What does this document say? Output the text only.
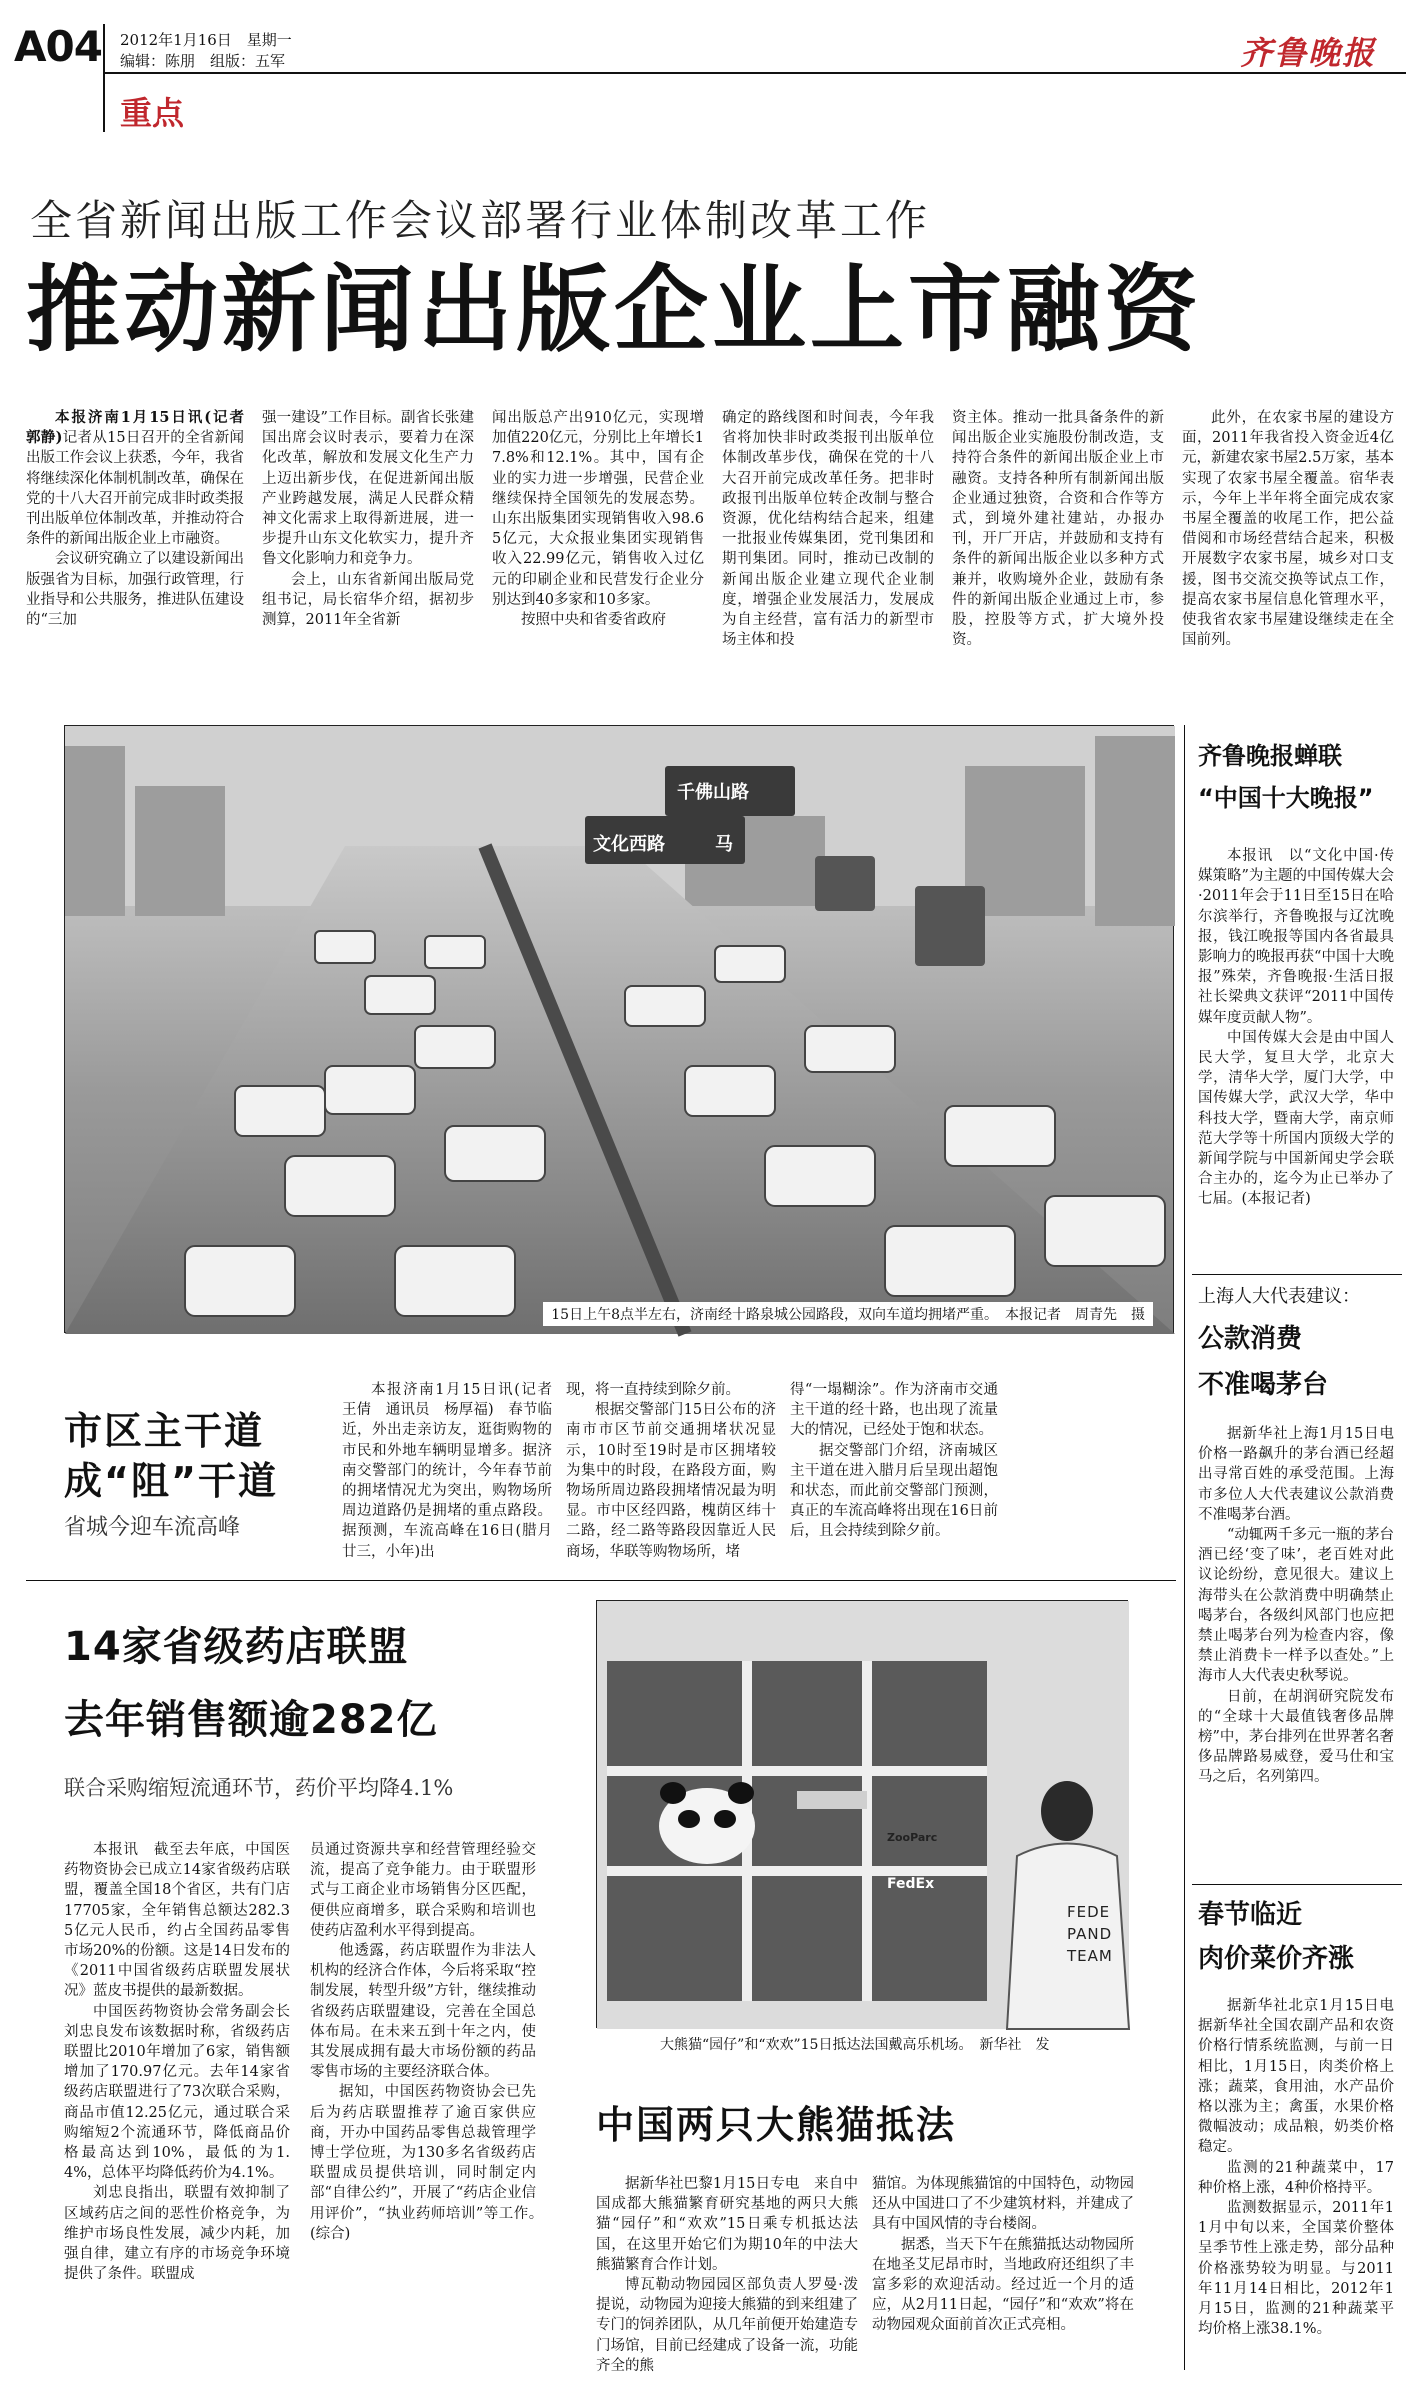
A04 2012年1月16日　星期一
编辑：陈朋　组版：五军
重点
齐鲁晚报
全省新闻出版工作会议部署行业体制改革工作
推动新闻出版企业上市融资

本报济南1月15日讯(记者　郭静)记者从15日召开的全省新闻出版工作会议上获悉，今年，我省将继续深化体制机制改革，确保在党的十八大召开前完成非时政类报刊出版单位体制改革，并推动符合条件的新闻出版企业上市融资。

会议研究确立了以建设新闻出版强省为目标，加强行政管理，行业指导和公共服务，推进队伍建设的“三加

强一建设”工作目标。副省长张建国出席会议时表示，要着力在深化改革，解放和发展文化生产力上迈出新步伐，在促进新闻出版产业跨越发展，满足人民群众精神文化需求上取得新进展，进一步提升山东文化软实力，提升齐鲁文化影响力和竞争力。

会上，山东省新闻出版局党组书记，局长宿华介绍，据初步测算，2011年全省新

闻出版总产出910亿元，实现增加值220亿元，分别比上年增长17.8%和12.1%。其中，国有企业的实力进一步增强，民营企业继续保持全国领先的发展态势。山东出版集团实现销售收入98.65亿元，大众报业集团实现销售收入22.99亿元，销售收入过亿元的印刷企业和民营发行企业分别达到40多家和10多家。

按照中央和省委省政府

确定的路线图和时间表，今年我省将加快非时政类报刊出版单位体制改革步伐，确保在党的十八大召开前完成改革任务。把非时政报刊出版单位转企改制与整合资源，优化结构结合起来，组建一批报业传媒集团，党刊集团和期刊集团。同时，推动已改制的新闻出版企业建立现代企业制度，增强企业发展活力，发展成为自主经营，富有活力的新型市场主体和投

资主体。推动一批具备条件的新闻出版企业实施股份制改造，支持符合条件的新闻出版企业上市融资。支持各种所有制新闻出版企业通过独资，合资和合作等方式，到境外建社建站，办报办刊，开厂开店，并鼓励和支持有条件的新闻出版企业以多种方式兼并，收购境外企业，鼓励有条件的新闻出版企业通过上市，参股，控股等方式，扩大境外投资。

此外，在农家书屋的建设方面，2011年我省投入资金近4亿元，新建农家书屋2.5万家，基本实现了农家书屋全覆盖。宿华表示，今年上半年将全面完成农家书屋全覆盖的收尾工作，把公益借阅和市场经营结合起来，积极开展数字农家书屋，城乡对口支援，图书交流交换等试点工作，提高农家书屋信息化管理水平，使我省农家书屋建设继续走在全国前列。

千佛山路
文化西路	马
15日上午8点半左右，济南经十路泉城公园路段，双向车道均拥堵严重。　本报记者　周青先　摄
市区主干道
成“阻”干道
省城今迎车流高峰

本报济南1月15日讯(记者　王倩　通讯员　杨厚福)　春节临近，外出走亲访友，逛街购物的市民和外地车辆明显增多。据济南交警部门的统计，今年春节前的拥堵情况尤为突出，购物场所周边道路仍是拥堵的重点路段。据预测，车流高峰在16日(腊月廿三，小年)出

现，将一直持续到除夕前。

根据交警部门15日公布的济南市市区节前交通拥堵状况显示，10时至19时是市区拥堵较为集中的时段，在路段方面，购物场所周边路段拥堵情况最为明显。市中区经四路，槐荫区纬十二路，经二路等路段因靠近人民商场，华联等购物场所，堵

得“一塌糊涂”。作为济南市交通主干道的经十路，也出现了流量大的情况，已经处于饱和状态。

据交警部门介绍，济南城区主干道在进入腊月后呈现出超饱和状态，而此前交警部门预测，真正的车流高峰将出现在16日前后，且会持续到除夕前。

14家省级药店联盟
去年销售额逾282亿
联合采购缩短流通环节，药价平均降4.1%

本报讯　截至去年底，中国医药物资协会已成立14家省级药店联盟，覆盖全国18个省区，共有门店17705家，全年销售总额达282.35亿元人民币，约占全国药品零售市场20%的份额。这是14日发布的《2011中国省级药店联盟发展状况》蓝皮书提供的最新数据。

中国医药物资协会常务副会长刘忠良发布该数据时称，省级药店联盟比2010年增加了6家，销售额增加了170.97亿元。去年14家省级药店联盟进行了73次联合采购，商品市值12.25亿元，通过联合采购缩短2个流通环节，降低商品价格最高达到10%，最低的为1.4%，总体平均降低药价为4.1%。

刘忠良指出，联盟有效抑制了区域药店之间的恶性价格竞争，为维护市场良性发展，减少内耗，加强自律，建立有序的市场竞争环境提供了条件。联盟成

员通过资源共享和经营管理经验交流，提高了竞争能力。由于联盟形式与工商企业市场销售分区匹配，便供应商增多，联合采购和培训也使药店盈利水平得到提高。

他透露，药店联盟作为非法人机构的经济合作体，今后将采取“控制发展，转型升级”方针，继续推动省级药店联盟建设，完善在全国总体布局。在未来五到十年之内，使其发展成拥有最大市场份额的药品零售市场的主要经济联合体。

据知，中国医药物资协会已先后为药店联盟推荐了逾百家供应商，开办中国药品零售总裁管理学博士学位班，为130多名省级药店联盟成员提供培训，同时制定内部“自律公约”，开展了“药店企业信用评价”，“执业药师培训”等工作。　(综合)

ZooParc
FedEx
FEDE PAND TEAM
大熊猫“园仔”和“欢欢”15日抵达法国戴高乐机场。　新华社　发
中国两只大熊猫抵法

据新华社巴黎1月15日专电　来自中国成都大熊猫繁育研究基地的两只大熊猫“园仔”和“欢欢”15日乘专机抵达法国，在这里开始它们为期10年的中法大熊猫繁育合作计划。

博瓦勒动物园园区部负责人罗曼·泼提说，动物园为迎接大熊猫的到来组建了专门的饲养团队，从几年前便开始建造专门场馆，目前已经建成了设备一流，功能齐全的熊

猫馆。为体现熊猫馆的中国特色，动物园还从中国进口了不少建筑材料，并建成了具有中国风情的寺台楼阁。

据悉，当天下午在熊猫抵达动物园所在地圣艾尼昂市时，当地政府还组织了丰富多彩的欢迎活动。经过近一个月的适应，从2月11日起，“园仔”和“欢欢”将在动物园观众面前首次正式亮相。

齐鲁晚报蝉联
“中国十大晚报”

本报讯　以“文化中国·传媒策略”为主题的中国传媒大会·2011年会于11日至15日在哈尔滨举行，齐鲁晚报与辽沈晚报，钱江晚报等国内各省最具影响力的晚报再获“中国十大晚报”殊荣，齐鲁晚报·生活日报社长梁典文获评“2011中国传媒年度贡献人物”。

中国传媒大会是由中国人民大学，复旦大学，北京大学，清华大学，厦门大学，中国传媒大学，武汉大学，华中科技大学，暨南大学，南京师范大学等十所国内顶级大学的新闻学院与中国新闻史学会联合主办的，迄今为止已举办了七届。(本报记者)

上海人大代表建议：
公款消费
不准喝茅台

据新华社上海1月15日电　价格一路飙升的茅台酒已经超出寻常百姓的承受范围。上海市多位人大代表建议公款消费不准喝茅台酒。

“动辄两千多元一瓶的茅台酒已经‘变了味’，老百姓对此议论纷纷，意见很大。建议上海带头在公款消费中明确禁止喝茅台，各级纠风部门也应把禁止喝茅台列为检查内容，像禁止消费卡一样予以查处。”上海市人大代表史秋琴说。

日前，在胡润研究院发布的“全球十大最值钱奢侈品牌榜”中，茅台排列在世界著名奢侈品牌路易威登，爱马仕和宝马之后，名列第四。

春节临近
肉价菜价齐涨

据新华社北京1月15日电　据新华社全国农副产品和农资价格行情系统监测，与前一日相比，1月15日，肉类价格上涨；蔬菜，食用油，水产品价格以涨为主；禽蛋，水果价格微幅波动；成品粮，奶类价格稳定。

监测的21种蔬菜中，17种价格上涨，4种价格持平。

监测数据显示，2011年11月中旬以来，全国菜价整体呈季节性上涨走势，部分品种价格涨势较为明显。与2011年11月14日相比，2012年1月15日，监测的21种蔬菜平均价格上涨38.1%。
